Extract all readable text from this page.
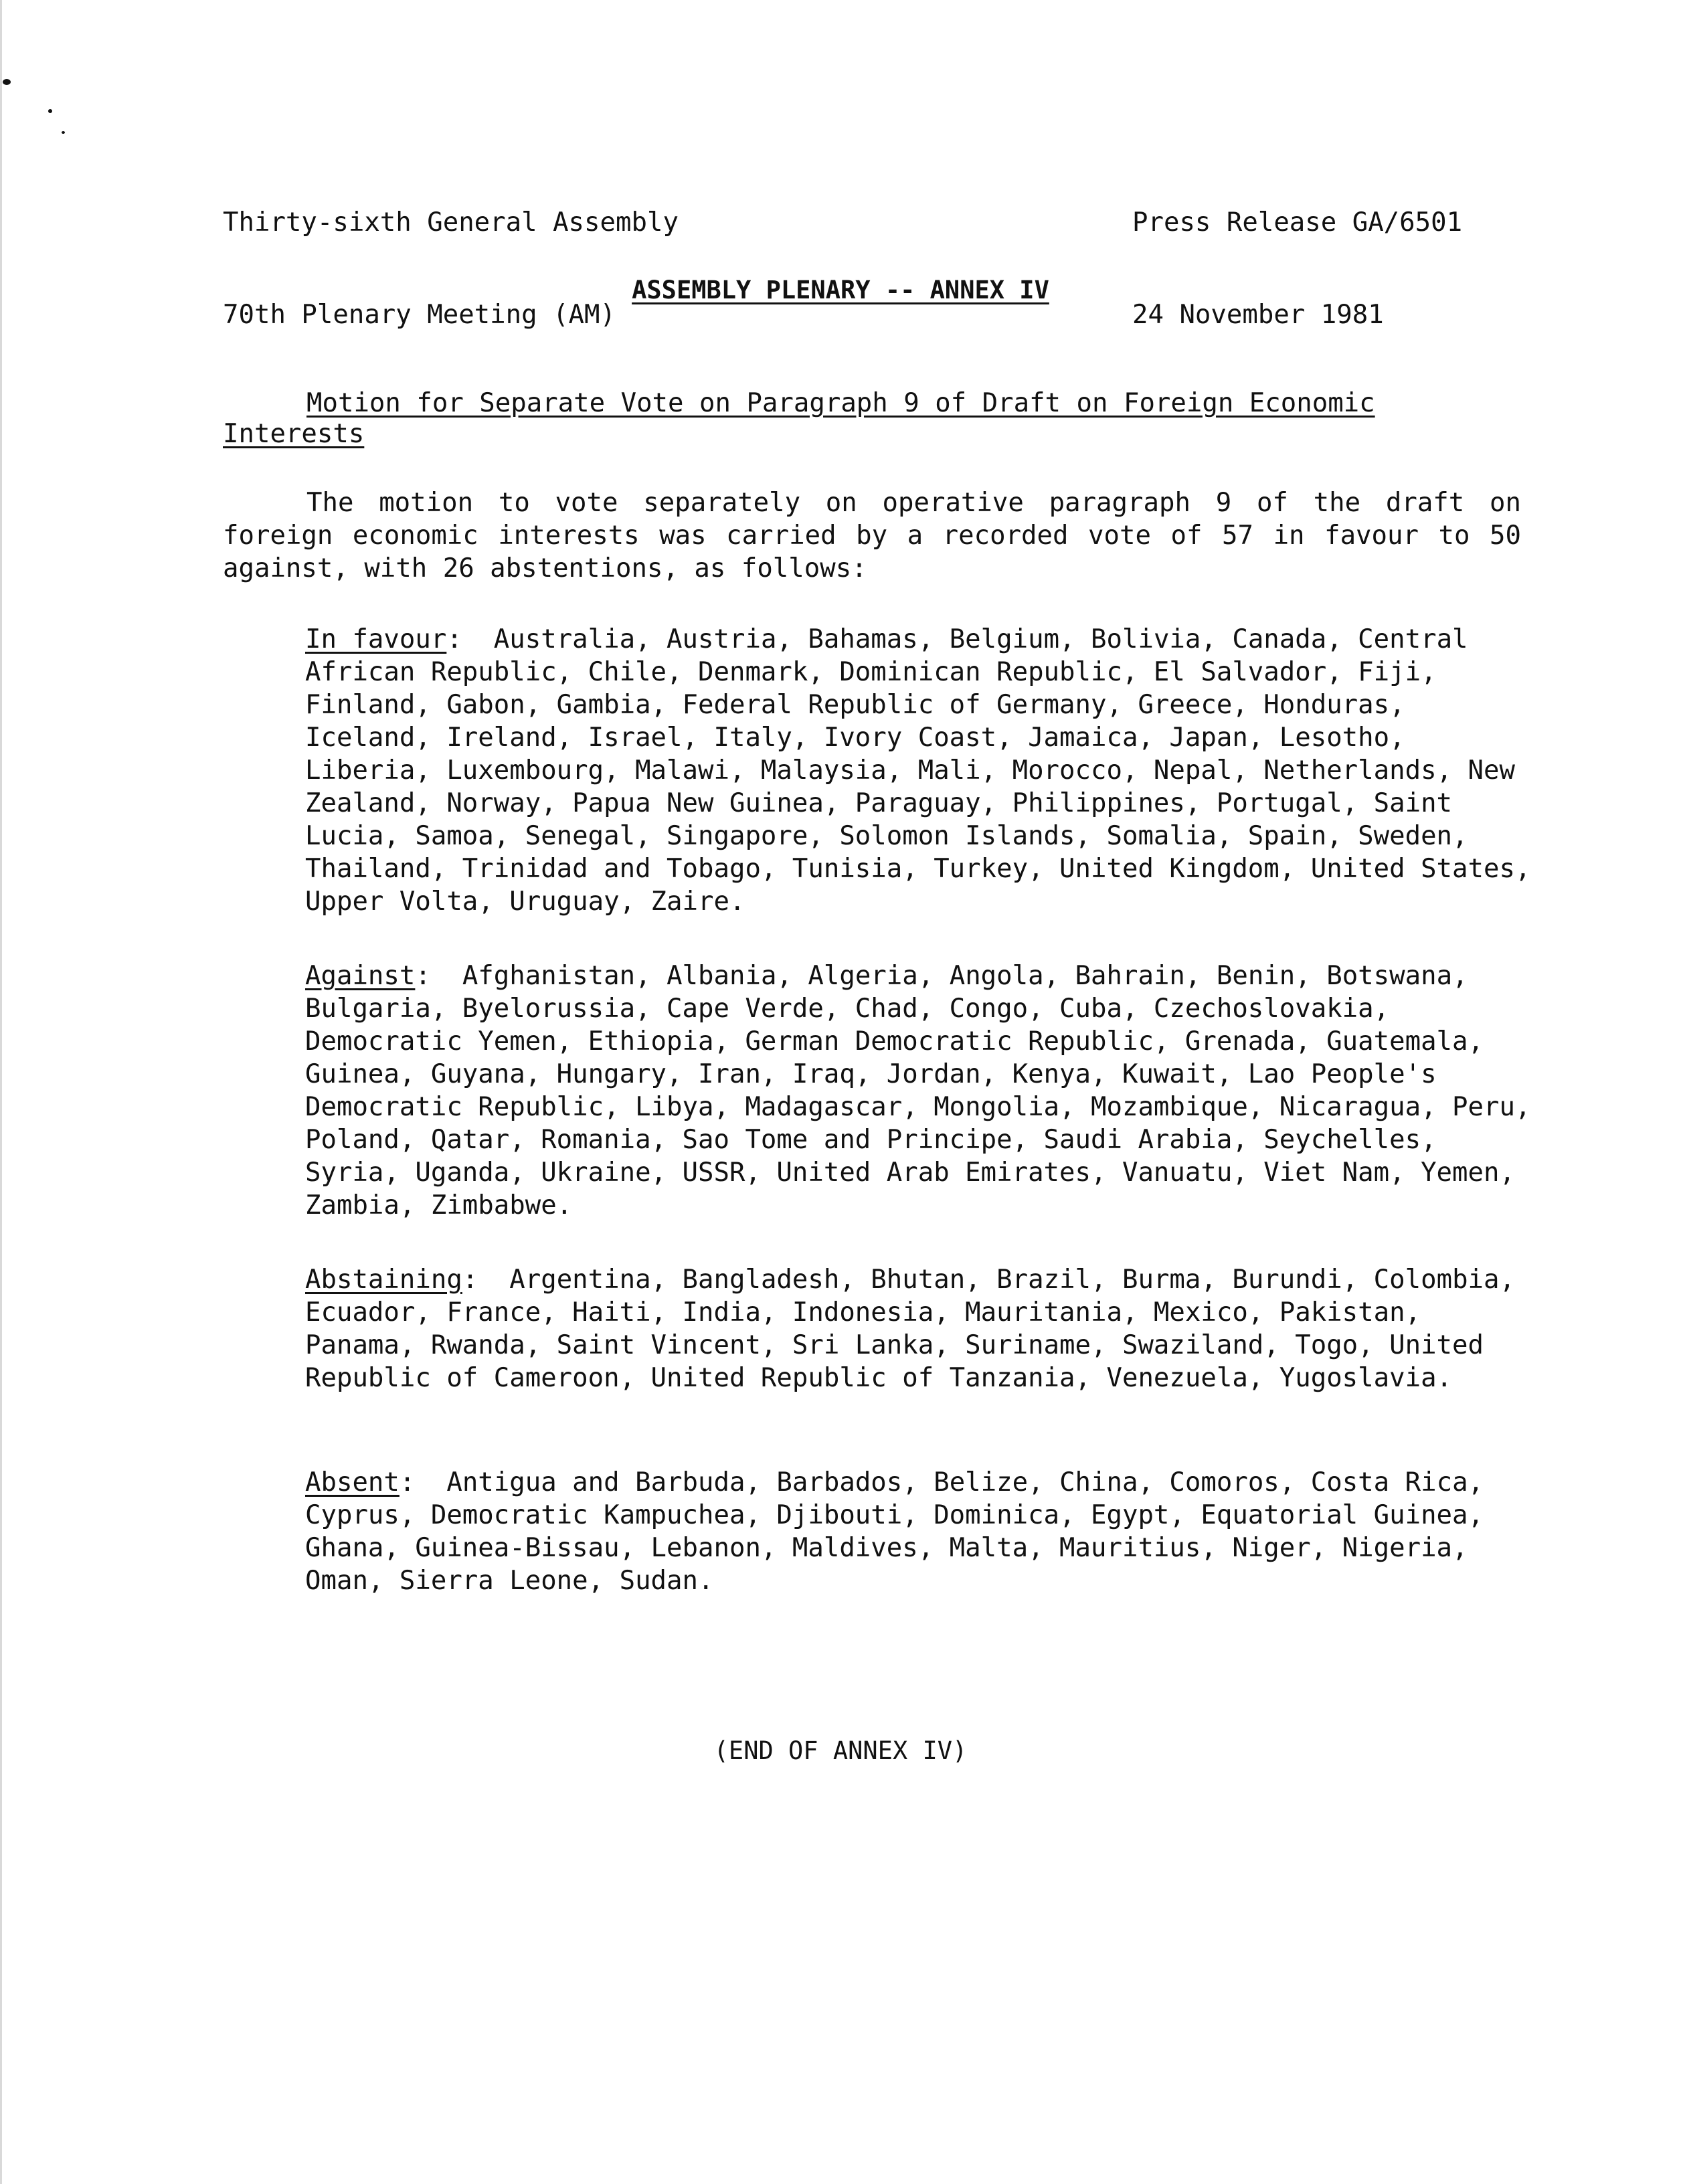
Thirty-sixth General Assembly

70th Plenary Meeting (AM)

Press Release GA/6501

24 November 1981

ASSEMBLY PLENARY -- ANNEX IV
Motion for Separate Vote on Paragraph 9 of Draft on Foreign Economic Interests
The motion to vote separately on operative paragraph 9 of the draft on foreign economic interests was carried by a recorded vote of 57 in favour to 50 against, with 26 abstentions, as follows:
In favour:  Australia, Austria, Bahamas, Belgium, Bolivia, Canada, Central African Republic, Chile, Denmark, Dominican Republic, El Salvador, Fiji, Finland, Gabon, Gambia, Federal Republic of Germany, Greece, Honduras, Iceland, Ireland, Israel, Italy, Ivory Coast, Jamaica, Japan, Lesotho, Liberia, Luxembourg, Malawi, Malaysia, Mali, Morocco, Nepal, Netherlands, New Zealand, Norway, Papua New Guinea, Paraguay, Philippines, Portugal, Saint Lucia, Samoa, Senegal, Singapore, Solomon Islands, Somalia, Spain, Sweden, Thailand, Trinidad and Tobago, Tunisia, Turkey, United Kingdom, United States, Upper Volta, Uruguay, Zaire.
Against:  Afghanistan, Albania, Algeria, Angola, Bahrain, Benin, Botswana, Bulgaria, Byelorussia, Cape Verde, Chad, Congo, Cuba, Czechoslovakia, Democratic Yemen, Ethiopia, German Democratic Republic, Grenada, Guatemala, Guinea, Guyana, Hungary, Iran, Iraq, Jordan, Kenya, Kuwait, Lao People's Democratic Republic, Libya, Madagascar, Mongolia, Mozambique, Nicaragua, Peru, Poland, Qatar, Romania, Sao Tome and Principe, Saudi Arabia, Seychelles, Syria, Uganda, Ukraine, USSR, United Arab Emirates, Vanuatu, Viet Nam, Yemen, Zambia, Zimbabwe.
Abstaining:  Argentina, Bangladesh, Bhutan, Brazil, Burma, Burundi, Colombia, Ecuador, France, Haiti, India, Indonesia, Mauritania, Mexico, Pakistan, Panama, Rwanda, Saint Vincent, Sri Lanka, Suriname, Swaziland, Togo, United Republic of Cameroon, United Republic of Tanzania, Venezuela, Yugoslavia.
Absent:  Antigua and Barbuda, Barbados, Belize, China, Comoros, Costa Rica, Cyprus, Democratic Kampuchea, Djibouti, Dominica, Egypt, Equatorial Guinea, Ghana, Guinea-Bissau, Lebanon, Maldives, Malta, Mauritius, Niger, Nigeria, Oman, Sierra Leone, Sudan.
(END OF ANNEX IV)
